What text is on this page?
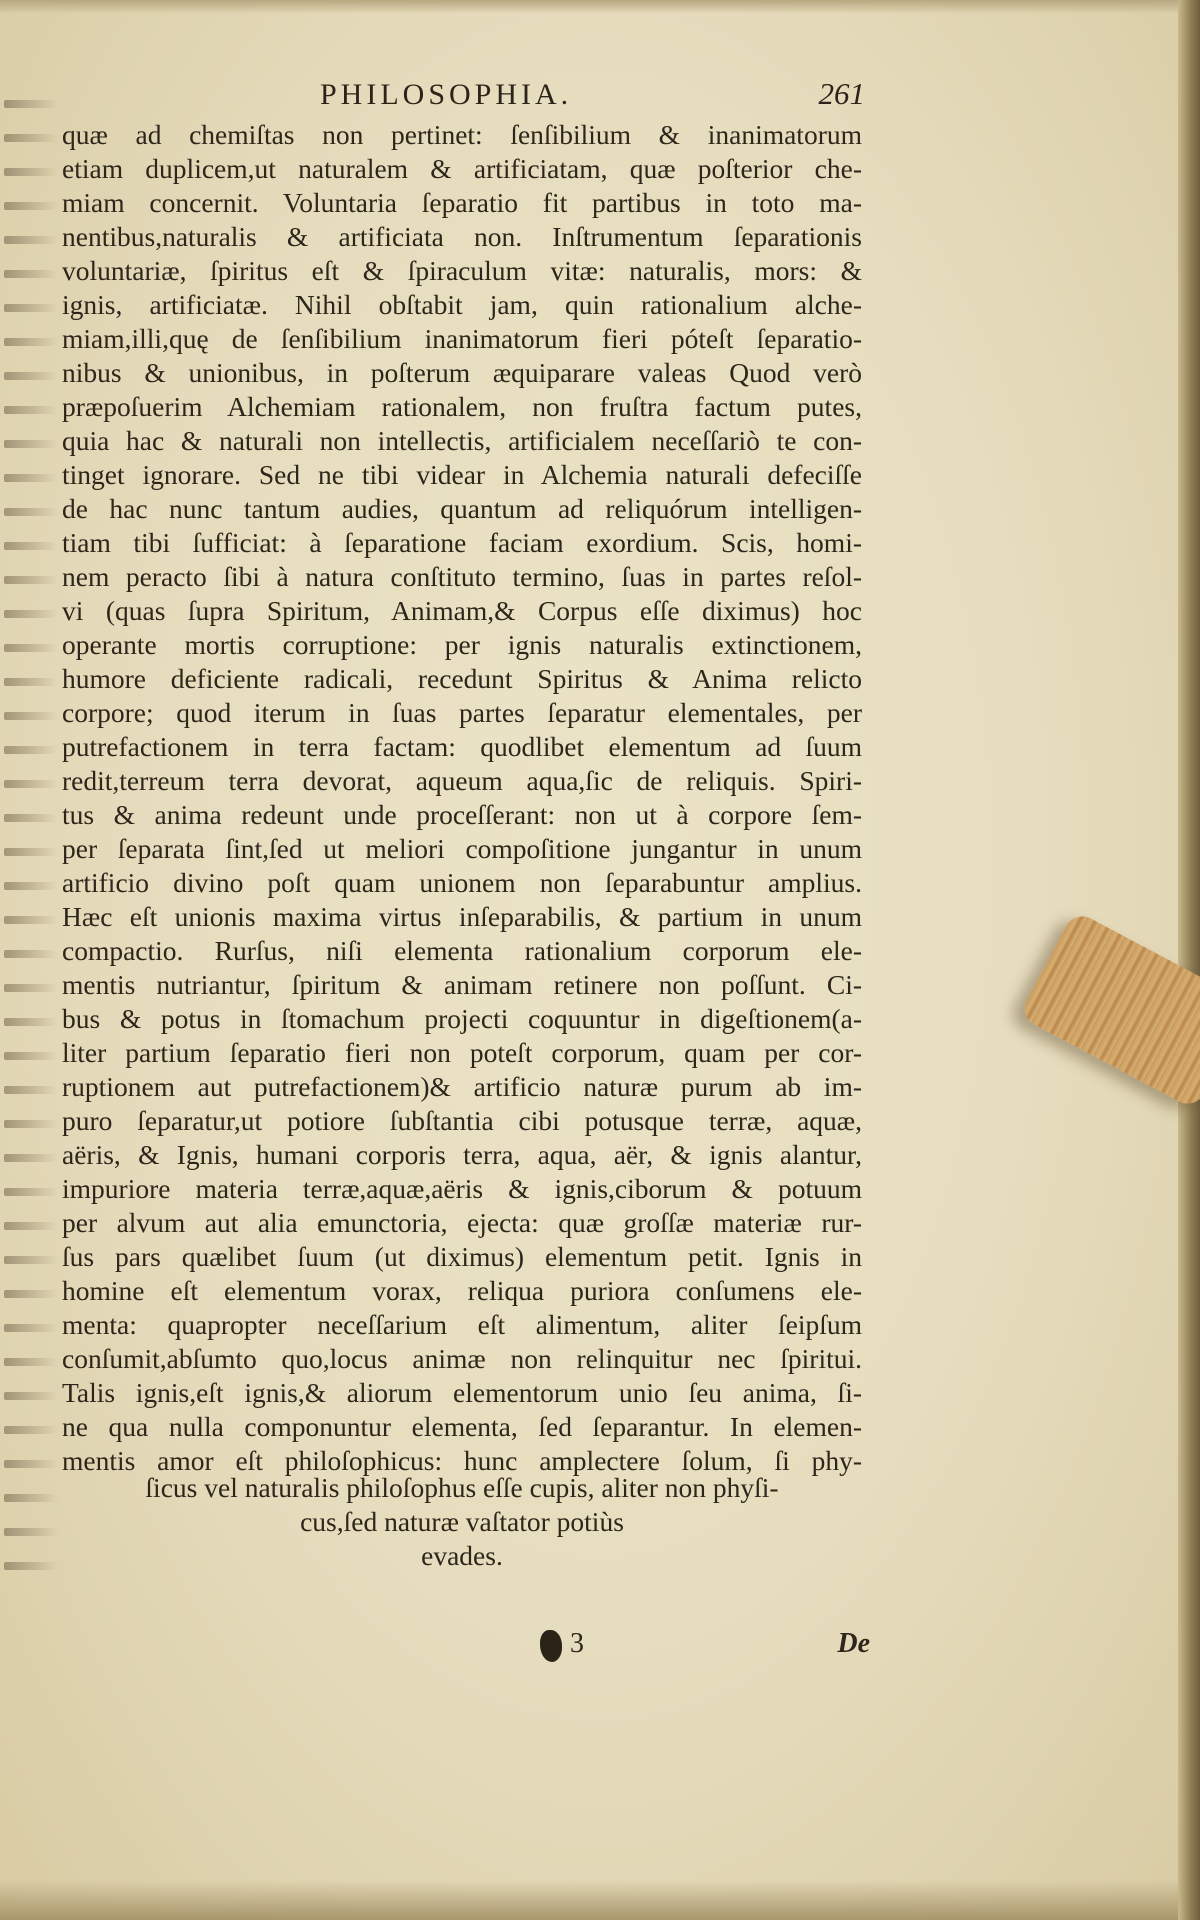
PHILOSOPHIA.	261
quæ ad chemiſtas non pertinet: ſenſibilium & inanimatorum
etiam duplicem,ut naturalem & artificiatam, quæ poſterior che-
miam concernit. Voluntaria ſeparatio fit partibus in toto ma-
nentibus,naturalis & artificiata non. Inſtrumentum ſeparationis
voluntariæ, ſpiritus eſt & ſpiraculum vitæ: naturalis, mors: &
ignis, artificiatæ. Nihil obſtabit jam, quin rationalium alche-
miam,illi,quę de ſenſibilium inanimatorum fieri póteſt ſeparatio-
nibus & unionibus, in poſterum æquiparare valeas Quod verò
præpoſuerim Alchemiam rationalem, non fruſtra factum putes,
quia hac & naturali non intellectis, artificialem neceſſariò te con-
tinget ignorare. Sed ne tibi videar in Alchemia naturali defeciſſe
de hac nunc tantum audies, quantum ad reliquórum intelligen-
tiam tibi ſufficiat: à ſeparatione faciam exordium. Scis, homi-
nem peracto ſibi à natura conſtituto termino, ſuas in partes reſol-
vi (quas ſupra Spiritum, Animam,& Corpus eſſe diximus) hoc
operante mortis corruptione: per ignis naturalis extinctionem,
humore deficiente radicali, recedunt Spiritus & Anima relicto
corpore; quod iterum in ſuas partes ſeparatur elementales, per
putrefactionem in terra factam: quodlibet elementum ad ſuum
redit,terreum terra devorat, aqueum aqua,ſic de reliquis. Spiri-
tus & anima redeunt unde proceſſerant: non ut à corpore ſem-
per ſeparata ſint,ſed ut meliori compoſitione jungantur in unum
artificio divino poſt quam unionem non ſeparabuntur amplius.
Hæc eſt unionis maxima virtus inſeparabilis, & partium in unum
compactio. Rurſus, niſi elementa rationalium corporum ele-
mentis nutriantur, ſpiritum & animam retinere non poſſunt. Ci-
bus & potus in ſtomachum projecti coquuntur in digeſtionem(a-
liter partium ſeparatio fieri non poteſt corporum, quam per cor-
ruptionem aut putrefactionem)& artificio naturæ purum ab im-
puro ſeparatur,ut potiore ſubſtantia cibi potusque terræ, aquæ,
aëris, & Ignis, humani corporis terra, aqua, aër, & ignis alantur,
impuriore materia terræ,aquæ,aëris & ignis,ciborum & potuum
per alvum aut alia emunctoria, ejecta: quæ groſſæ materiæ rur-
ſus pars quælibet ſuum (ut diximus) elementum petit. Ignis in
homine eſt elementum vorax, reliqua puriora conſumens ele-
menta: quapropter neceſſarium eſt alimentum, aliter ſeipſum
conſumit,abſumto quo,locus animæ non relinquitur nec ſpiritui.
Talis ignis,eſt ignis,& aliorum elementorum unio ſeu anima, ſi-
ne qua nulla componuntur elementa, ſed ſeparantur. In elemen-
mentis amor eſt philoſophicus: hunc amplectere ſolum, ſi phy-
ſicus vel naturalis philoſophus eſſe cupis, aliter non phyſi-
cus,ſed naturæ vaſtator potiùs
evades.
3	De
